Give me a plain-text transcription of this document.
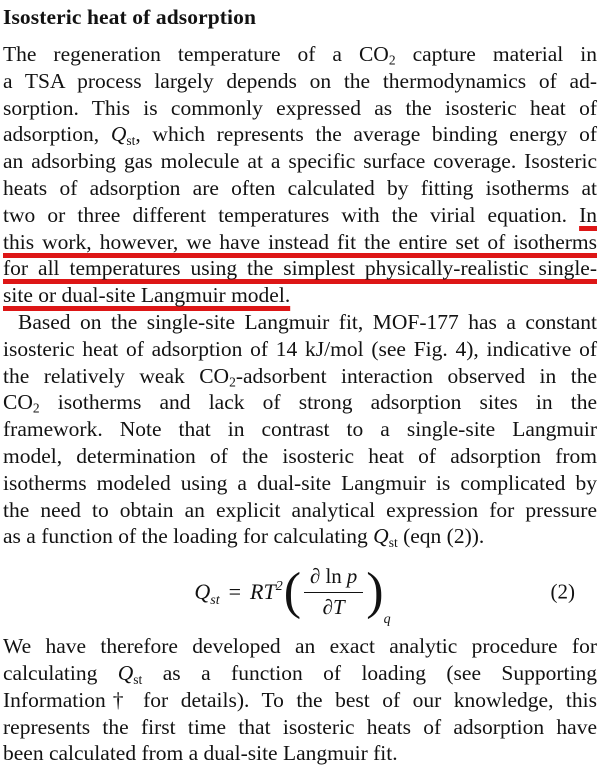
Isosteric heat of adsorption
The regeneration temperature of a CO2 capture material in
a TSA process largely depends on the thermodynamics of ad-
sorption. This is commonly expressed as the isosteric heat of
adsorption, Qst, which represents the average binding energy of
an adsorbing gas molecule at a specific surface coverage. Isosteric
heats of adsorption are often calculated by fitting isotherms at
two or three different temperatures with the virial equation. In
this work, however, we have instead fit the entire set of isotherms
for all temperatures using the simplest physically-realistic single-
site or dual-site Langmuir model.
Based on the single-site Langmuir fit, MOF-177 has a constant
isosteric heat of adsorption of 14 kJ/mol (see Fig. 4), indicative of
the relatively weak CO2-adsorbent interaction observed in the
CO2 isotherms and lack of strong adsorption sites in the
framework. Note that in contrast to a single-site Langmuir
model, determination of the isosteric heat of adsorption from
isotherms modeled using a dual-site Langmuir is complicated by
the need to obtain an explicit analytical expression for pressure
as a function of the loading for calculating Qst (eqn (2)).
$Q_{st} = RT^2$ ( $\frac{\text{∂ ln p}}{\partial T}$ ) q
(2)
We have therefore developed an exact analytic procedure for
calculating Qst as a function of loading (see Supporting
Information† for details). To the best of our knowledge, this
represents the first time that isosteric heats of adsorption have
been calculated from a dual-site Langmuir fit.
